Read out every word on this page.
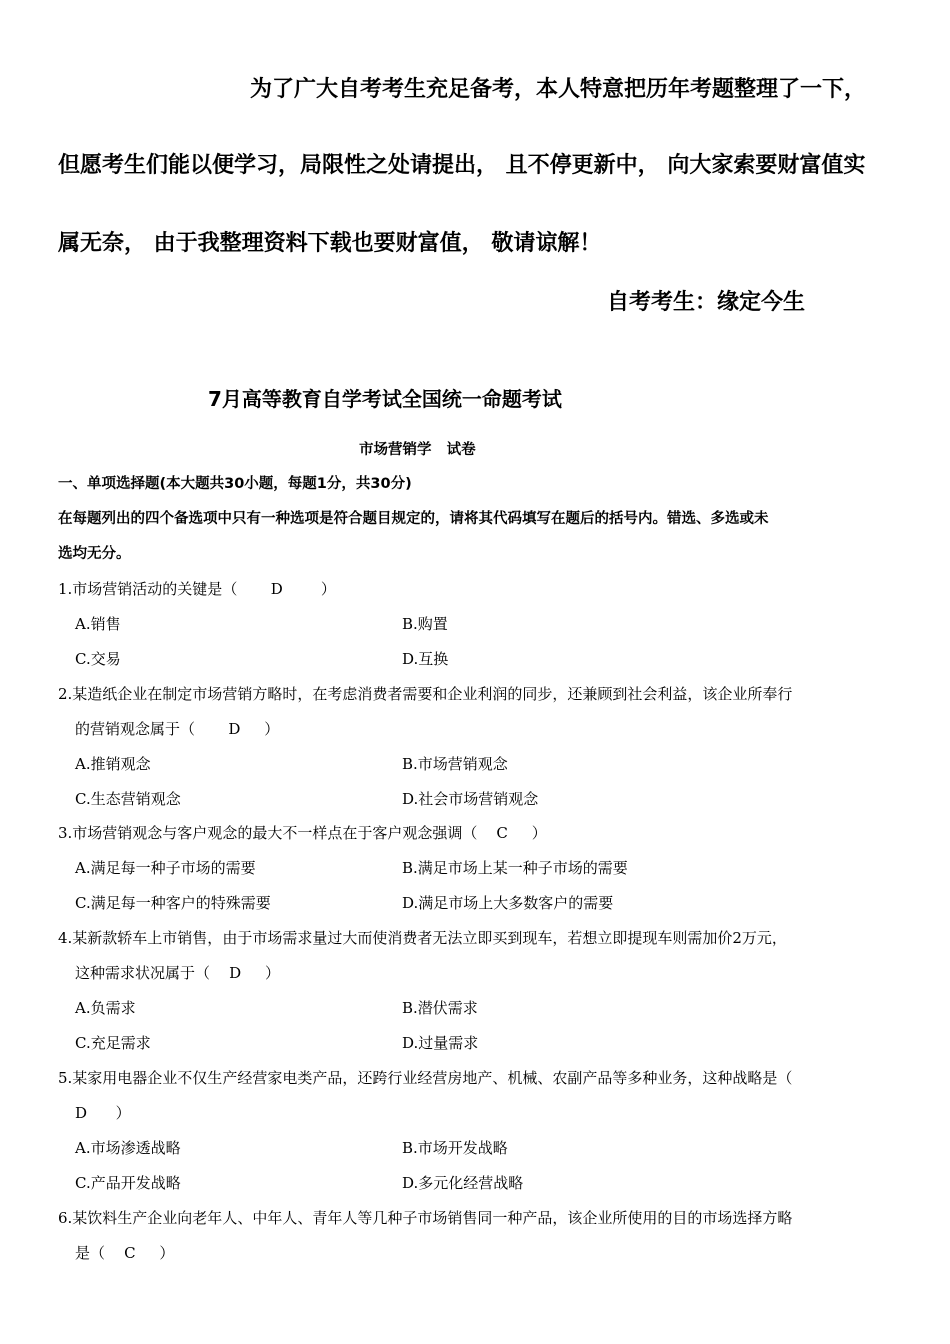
为了广大自考考生充足备考，本人特意把历年考题整理了一下，
但愿考生们能以便学习，局限性之处请提出， 且不停更新中， 向大家索要财富值实
属无奈， 由于我整理资料下载也要财富值， 敬请谅解！
自考考生：缘定今生
7月高等教育自学考试全国统一命题考试
市场营销学   试卷
一、单项选择题(本大题共30小题，每题1分，共30分)
在每题列出的四个备选项中只有一种选项是符合题目规定的，请将其代码填写在题后的括号内。错选、多选或未
选均无分。
1.市场营销活动的关键是（       D        ）
A.销售	B.购置
C.交易	D.互换
2.某造纸企业在制定市场营销方略时，在考虑消费者需要和企业利润的同步，还兼顾到社会利益，该企业所奉行
的营销观念属于（       D     ）
A.推销观念	B.市场营销观念
C.生态营销观念	D.社会市场营销观念
3.市场营销观念与客户观念的最大不一样点在于客户观念强调（    C     ）
A.满足每一种子市场的需要	B.满足市场上某一种子市场的需要
C.满足每一种客户的特殊需要	D.满足市场上大多数客户的需要
4.某新款轿车上市销售，由于市场需求量过大而使消费者无法立即买到现车，若想立即提现车则需加价2万元，
这种需求状况属于（    D     ）
A.负需求	B.潜伏需求
C.充足需求	D.过量需求
5.某家用电器企业不仅生产经营家电类产品，还跨行业经营房地产、机械、农副产品等多种业务，这种战略是（
D      ）
A.市场渗透战略	B.市场开发战略
C.产品开发战略	D.多元化经营战略
6.某饮料生产企业向老年人、中年人、青年人等几种子市场销售同一种产品，该企业所使用的目的市场选择方略
是（    C     ）
